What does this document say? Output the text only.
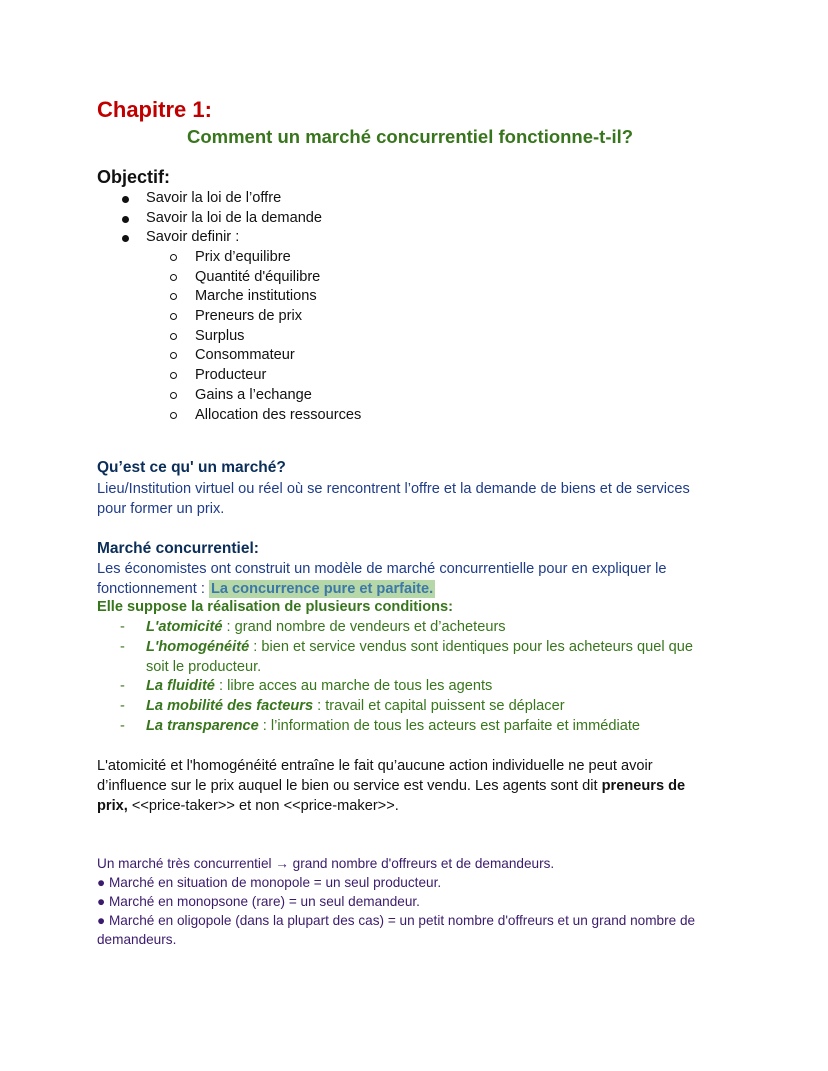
Chapitre 1:
Comment un marché concurrentiel fonctionne-t-il?
Objectif:
Savoir la loi de l’offre
Savoir la loi de la demande
Savoir definir :
Prix d’equilibre
Quantité d'équilibre
Marche institutions
Preneurs de prix
Surplus
Consommateur
Producteur
Gains a l’echange
Allocation des ressources
Qu’est ce qu' un marché?
Lieu/Institution virtuel ou réel où se rencontrent l’offre et la demande de biens et de services
pour former un prix.
Marché concurrentiel:
Les économistes ont construit un modèle de marché concurrentielle pour en expliquer le
fonctionnement : La concurrence pure et parfaite.
Elle suppose la réalisation de plusieurs conditions:
- L'atomicité : grand nombre de vendeurs et d’acheteurs
- L'homogénéité : bien et service vendus sont identiques pour les acheteurs quel que
soit le producteur.
- La fluidité : libre acces au marche de tous les agents
- La mobilité des facteurs : travail et capital puissent se déplacer
- La transparence : l’information de tous les acteurs est parfaite et immédiate
L'atomicité et l'homogénéité entraîne le fait qu’aucune action individuelle ne peut avoir
d’influence sur le prix auquel le bien ou service est vendu. Les agents sont dit preneurs de
prix, <<price-taker>> et non <<price-maker>>.
Un marché très concurrentiel → grand nombre d'offreurs et de demandeurs.
● Marché en situation de monopole = un seul producteur.
● Marché en monopsone (rare) = un seul demandeur.
● Marché en oligopole (dans la plupart des cas) = un petit nombre d'offreurs et un grand nombre de
demandeurs.
